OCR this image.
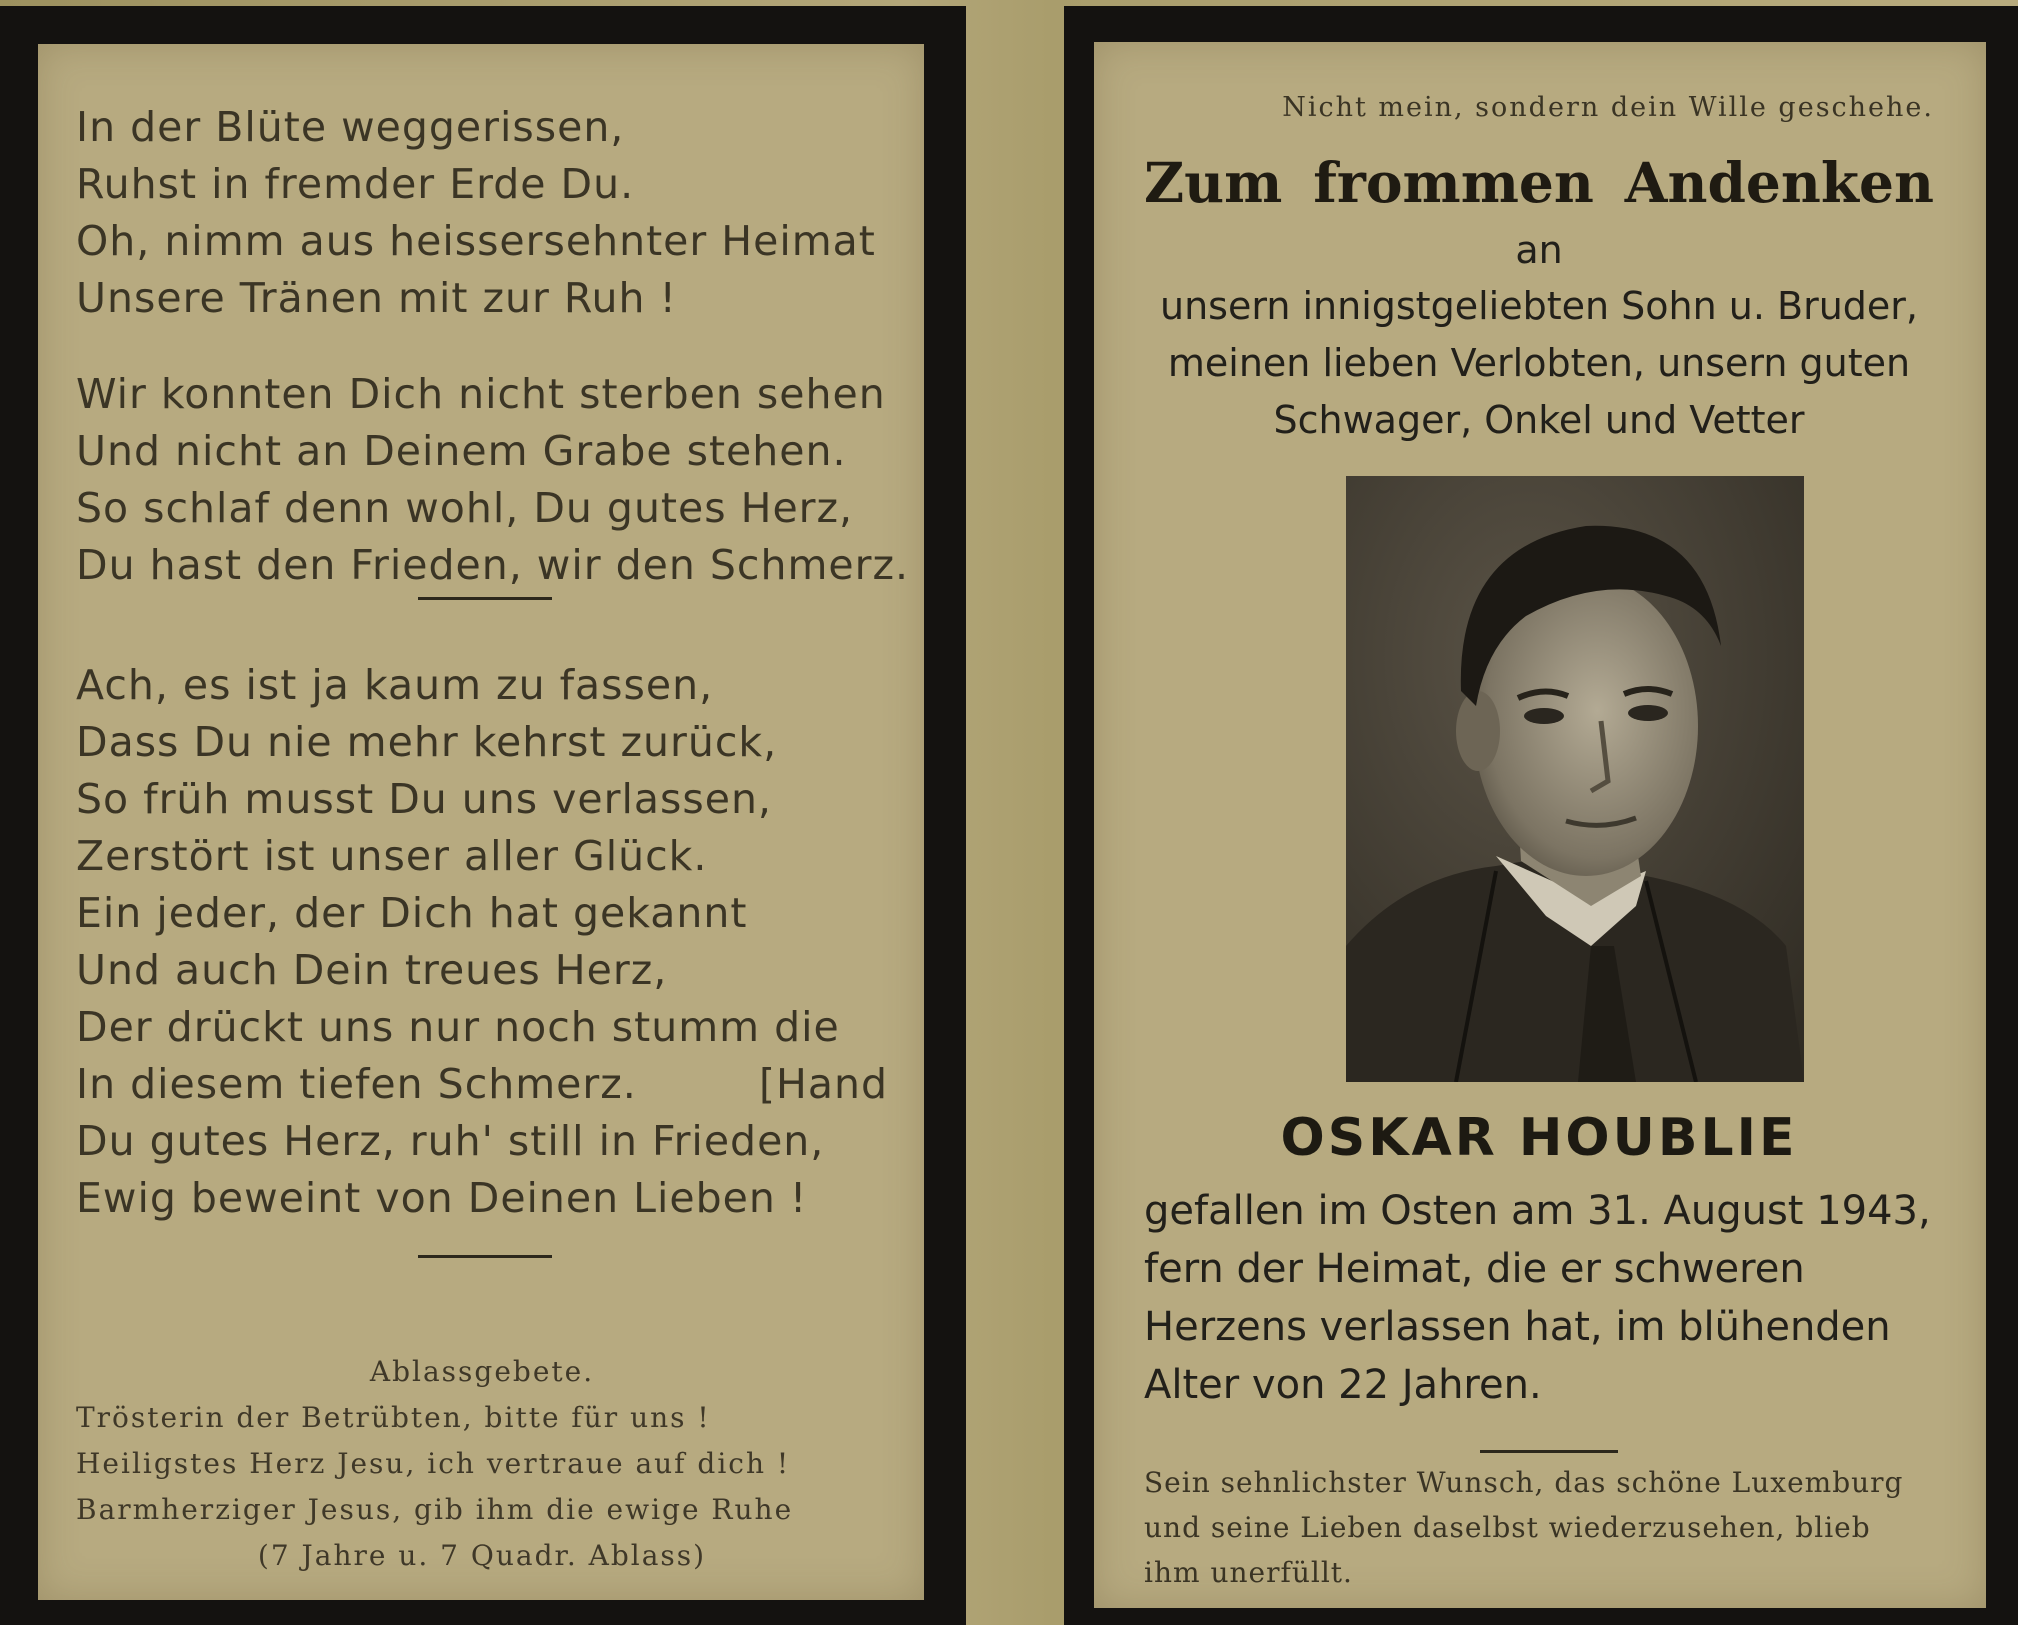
In der Blüte weggerissen,
Ruhst in fremder Erde Du.
Oh, nimm aus heissersehnter Heimat
Unsere Tränen mit zur Ruh !
Wir konnten Dich nicht sterben sehen
Und nicht an Deinem Grabe stehen.
So schlaf denn wohl, Du gutes Herz,
Du hast den Frieden, wir den Schmerz.
Ach, es ist ja kaum zu fassen,
Dass Du nie mehr kehrst zurück,
So früh musst Du uns verlassen,
Zerstört ist unser aller Glück.
Ein jeder, der Dich hat gekannt
Und auch Dein treues Herz,
Der drückt uns nur noch stumm die
In diesem tiefen Schmerz.	[Hand
Du gutes Herz, ruh' still in Frieden,
Ewig beweint von Deinen Lieben !
Ablassgebete.
Trösterin der Betrübten, bitte für uns !
Heiligstes Herz Jesu, ich vertraue auf dich !
Barmherziger Jesus, gib ihm die ewige Ruhe
(7 Jahre u. 7 Quadr. Ablass)
Nicht mein, sondern dein Wille geschehe.
Zum frommen Andenken
an
unsern innigstgeliebten Sohn u. Bruder,
meinen lieben Verlobten, unsern guten
Schwager, Onkel und Vetter
OSKAR HOUBLIE
gefallen im Osten am 31. August 1943,
fern der Heimat, die er schweren
Herzens verlassen hat, im blühenden
Alter von 22 Jahren.
Sein sehnlichster Wunsch, das schöne Luxemburg
und seine Lieben daselbst wiederzusehen, blieb
ihm unerfüllt.
